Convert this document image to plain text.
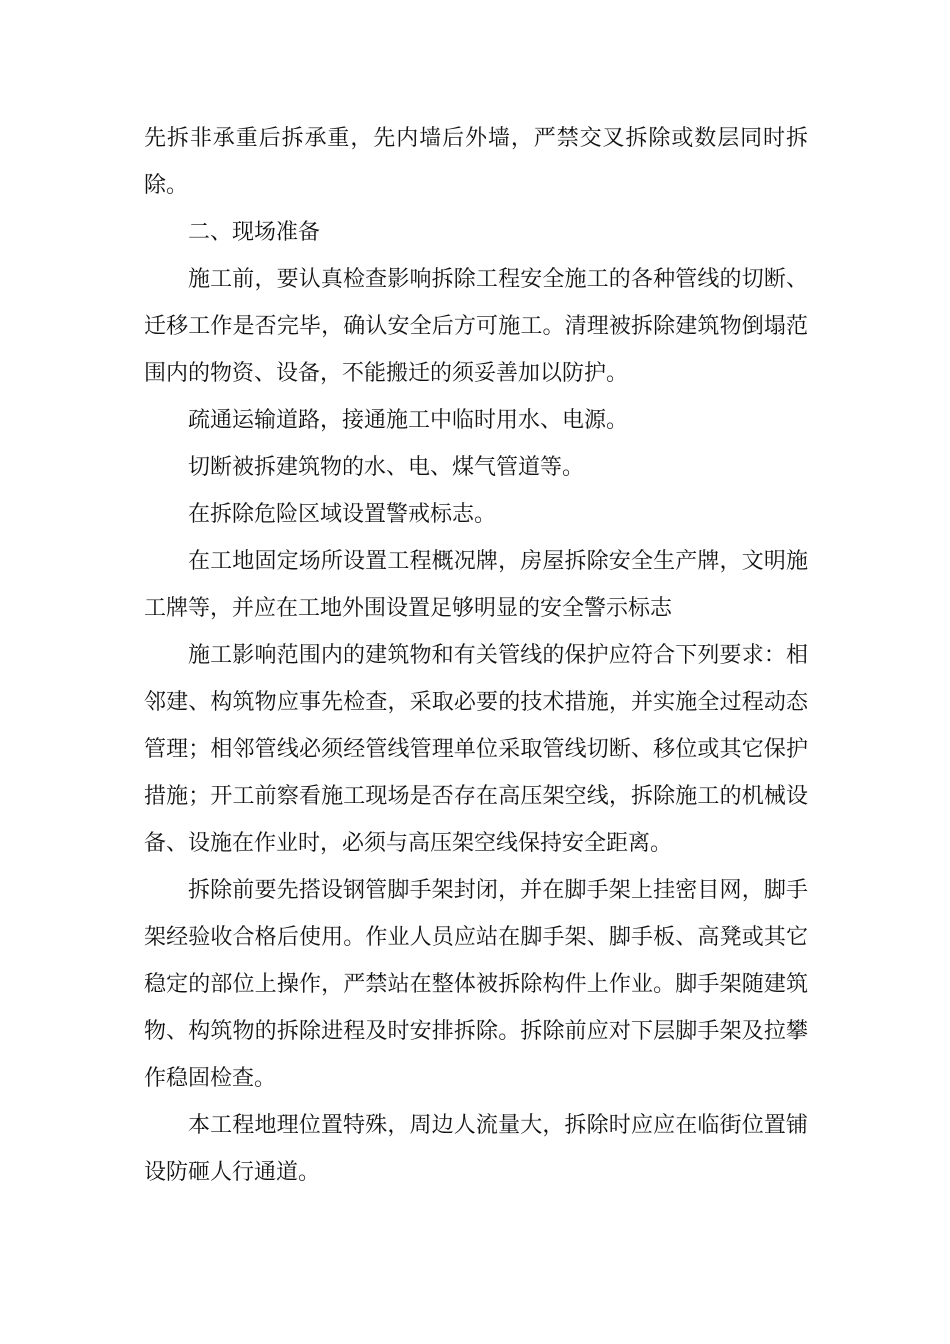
先拆非承重后拆承重，先内墙后外墙，严禁交叉拆除或数层同时拆除。

二、现场准备

施工前，要认真检查影响拆除工程安全施工的各种管线的切断、迁移工作是否完毕，确认安全后方可施工。清理被拆除建筑物倒塌范围内的物资、设备，不能搬迁的须妥善加以防护。

疏通运输道路，接通施工中临时用水、电源。

切断被拆建筑物的水、电、煤气管道等。

在拆除危险区域设置警戒标志。

在工地固定场所设置工程概况牌，房屋拆除安全生产牌，文明施工牌等，并应在工地外围设置足够明显的安全警示标志

施工影响范围内的建筑物和有关管线的保护应符合下列要求：相邻建、构筑物应事先检查，采取必要的技术措施，并实施全过程动态管理；相邻管线必须经管线管理单位采取管线切断、移位或其它保护措施；开工前察看施工现场是否存在高压架空线，拆除施工的机械设备、设施在作业时，必须与高压架空线保持安全距离。

拆除前要先搭设钢管脚手架封闭，并在脚手架上挂密目网，脚手架经验收合格后使用。作业人员应站在脚手架、脚手板、高凳或其它稳定的部位上操作，严禁站在整体被拆除构件上作业。脚手架随建筑物、构筑物的拆除进程及时安排拆除。拆除前应对下层脚手架及拉攀作稳固检查。

本工程地理位置特殊，周边人流量大，拆除时应应在临街位置铺设防砸人行通道。
